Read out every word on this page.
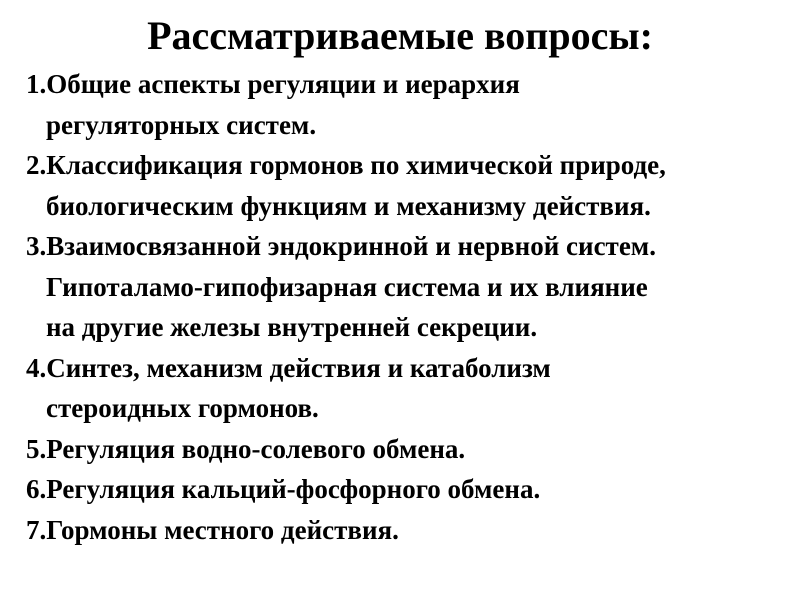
Рассматриваемые вопросы:
1.Общие аспекты регуляции и иерархия
регуляторных систем.
2.Классификация гормонов по химической природе,
биологическим функциям и механизму действия.
3.Взаимосвязанной эндокринной и нервной систем.
Гипоталамо-гипофизарная система и их влияние
на другие железы внутренней секреции.
4.Синтез, механизм действия и катаболизм
стероидных гормонов.
5.Регуляция водно-солевого обмена.
6.Регуляция кальций-фосфорного обмена.
7.Гормоны местного действия.
